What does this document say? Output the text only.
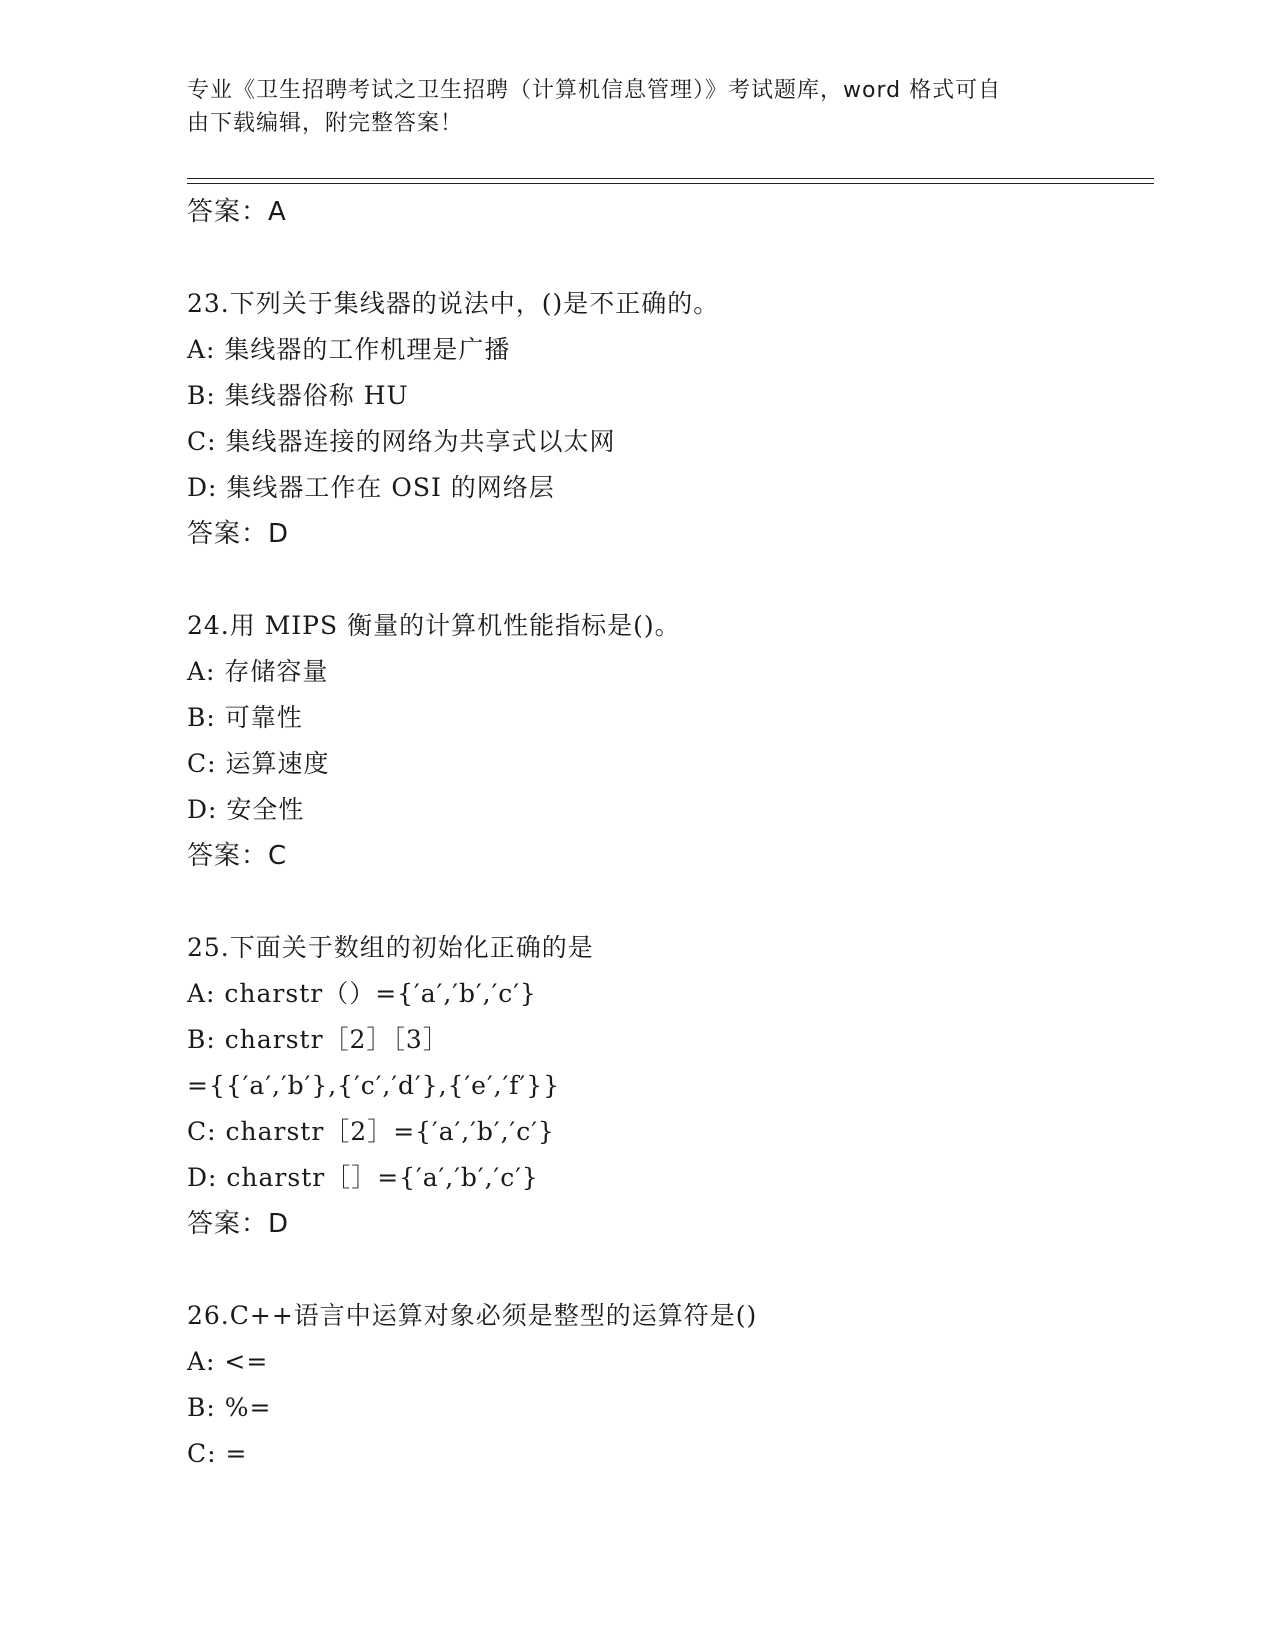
专业《卫生招聘考试之卫生招聘（计算机信息管理）》考试题库，word 格式可自
由下载编辑，附完整答案！
答案：A
23.下列关于集线器的说法中，()是不正确的。
A: 集线器的工作机理是广播
B: 集线器俗称 HU
C: 集线器连接的网络为共享式以太网
D: 集线器工作在 OSI 的网络层
答案：D
24.用 MIPS 衡量的计算机性能指标是()。
A: 存储容量
B: 可靠性
C: 运算速度
D: 安全性
答案：C
25.下面关于数组的初始化正确的是
A: charstr（）={′a′,′b′,′c′}
B: charstr［2］［3］
={{′a′,′b′},{′c′,′d′},{′e′,′f′}}
C: charstr［2］={′a′,′b′,′c′}
D: charstr［］={′a′,′b′,′c′}
答案：D
26.C++语言中运算对象必须是整型的运算符是()
A: <=
B: %=
C: =
